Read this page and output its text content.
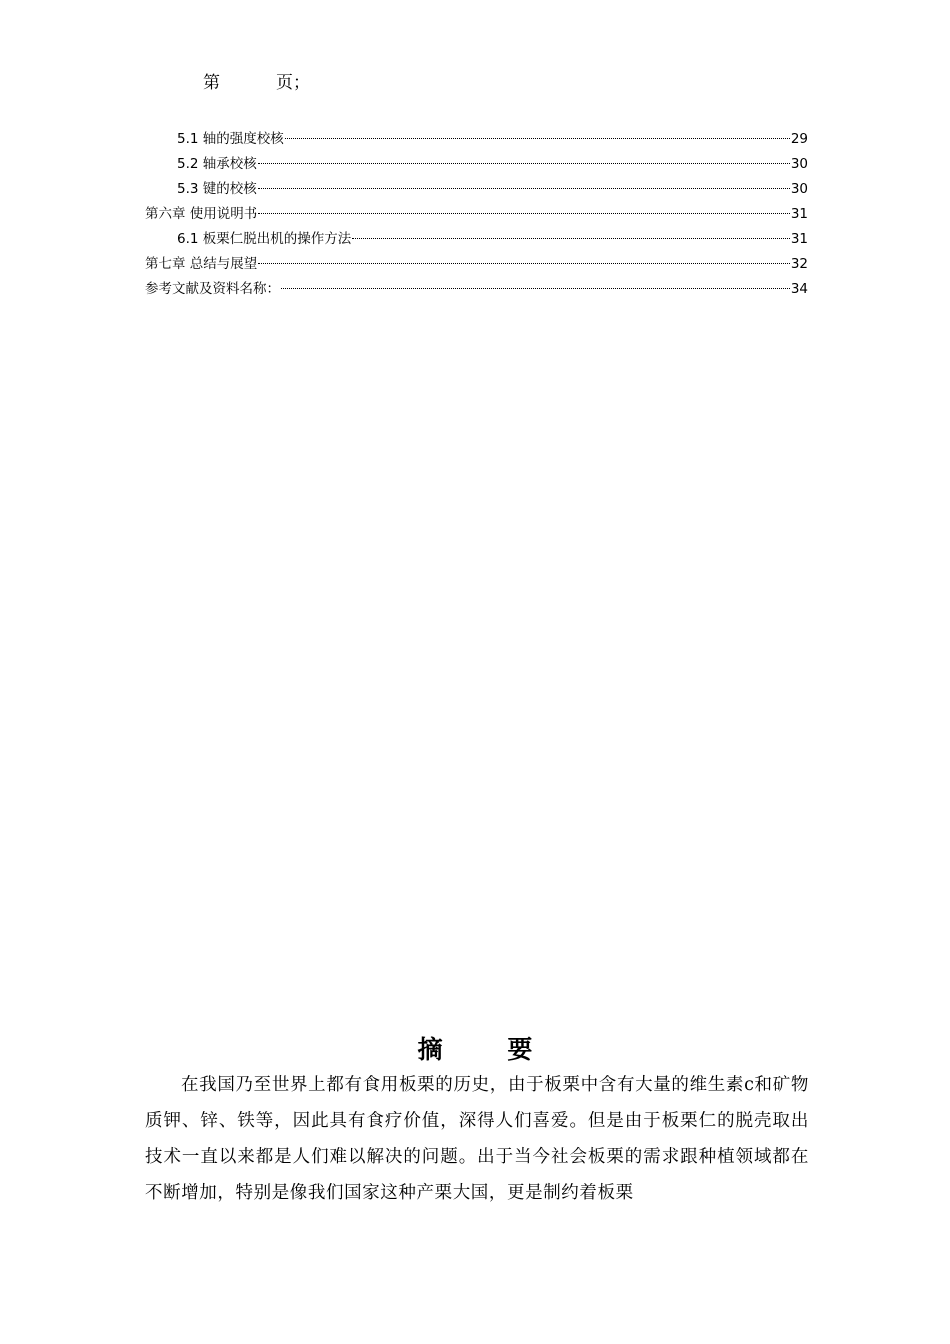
第	页；
5.1 轴的强度校核	29
5.2 轴承校核	30
5.3 键的校核	30
第六章 使用说明书	31
6.1 板栗仁脱出机的操作方法	31
第七章 总结与展望	32
参考文献及资料名称：	34
摘 要
在我国乃至世界上都有食用板栗的历史，由于板栗中含有大量的维生素c和矿物质钾、锌、铁等，因此具有食疗价值，深得人们喜爱。但是由于板栗仁的脱壳取出技术一直以来都是人们难以解决的问题。出于当今社会板栗的需求跟种植领域都在不断增加，特别是像我们国家这种产栗大国，更是制约着板栗
